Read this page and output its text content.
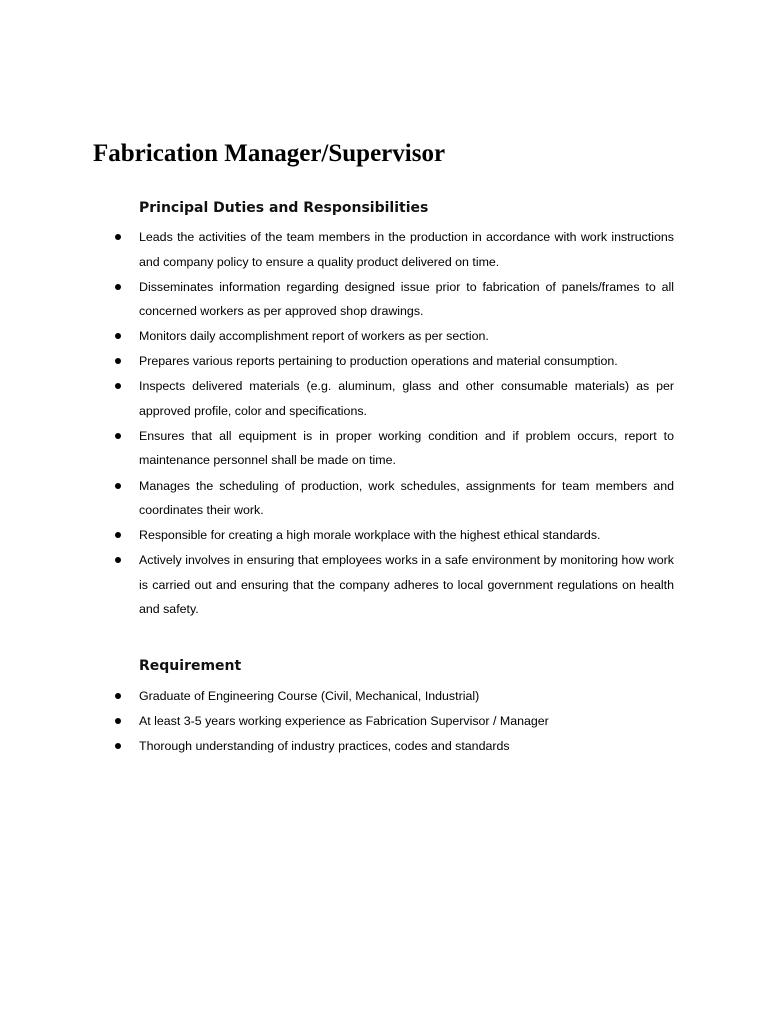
Fabrication Manager/Supervisor
Principal Duties and Responsibilities
Leads the activities of the team members in the production in accordance with work instructions and company policy to ensure a quality product delivered on time.
Disseminates information regarding designed issue prior to fabrication of panels/frames to all concerned workers as per approved shop drawings.
Monitors daily accomplishment report of workers as per section.
Prepares various reports pertaining to production operations and material consumption.
Inspects delivered materials (e.g. aluminum, glass and other consumable materials) as per approved profile, color and specifications.
Ensures that all equipment is in proper working condition and if problem occurs, report to maintenance personnel shall be made on time.
Manages the scheduling of production, work schedules, assignments for team members and coordinates their work.
Responsible for creating a high morale workplace with the highest ethical standards.
Actively involves in ensuring that employees works in a safe environment by monitoring how work is carried out and ensuring that the company adheres to local government regulations on health and safety.
Requirement
Graduate of Engineering Course (Civil, Mechanical, Industrial)
At least 3-5 years working experience as Fabrication Supervisor / Manager
Thorough understanding of industry practices, codes and standards
